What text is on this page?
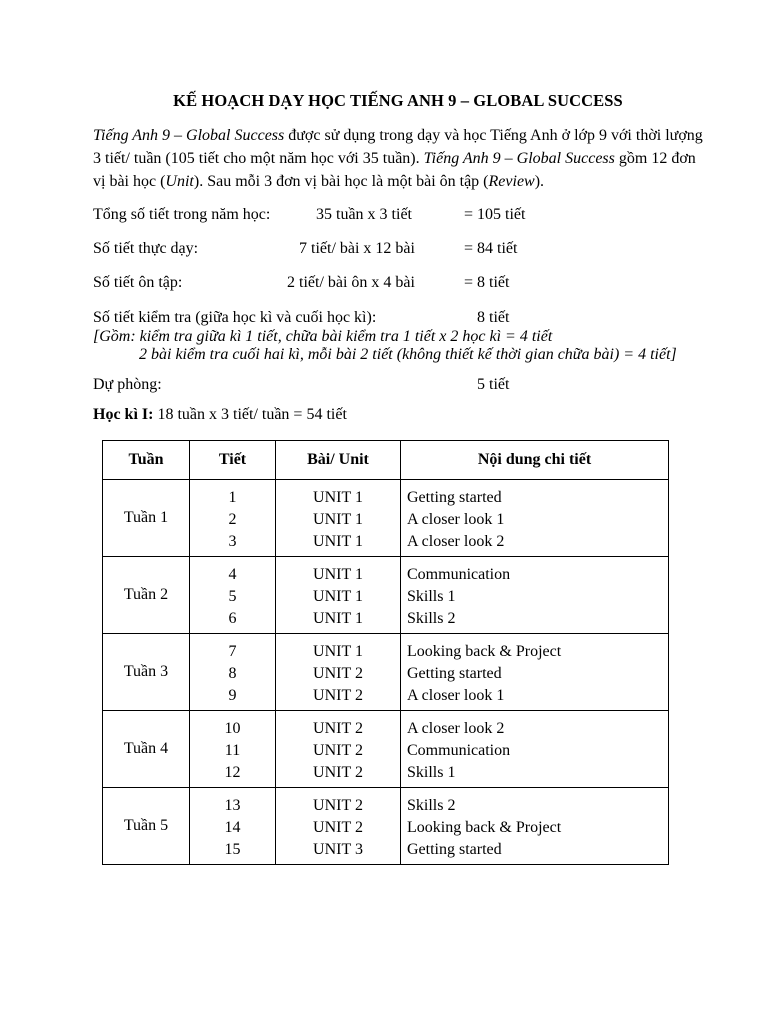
KẾ HOẠCH DẠY HỌC TIẾNG ANH 9 – GLOBAL SUCCESS
Tiếng Anh 9 – Global Success được sử dụng trong dạy và học Tiếng Anh ở lớp 9 với thời lượng 3 tiết/ tuần (105 tiết cho một năm học với 35 tuần). Tiếng Anh 9 – Global Success gồm 12 đơn vị bài học (Unit). Sau mỗi 3 đơn vị bài học là một bài ôn tập (Review).
Tổng số tiết trong năm học:	35 tuần x 3 tiết	= 105 tiết
Số tiết thực dạy:	7 tiết/ bài x 12 bài	= 84 tiết
Số tiết ôn tập:	2 tiết/ bài ôn x 4 bài	= 8 tiết
Số tiết kiểm tra (giữa học kì và cuối học kì):	8 tiết
[Gồm: kiểm tra giữa kì 1 tiết, chữa bài kiểm tra 1 tiết x 2 học kì = 4 tiết
2 bài kiểm tra cuối hai kì, mỗi bài 2 tiết (không thiết kế thời gian chữa bài) = 4 tiết]
Dự phòng:	5 tiết
Học kì I: 18 tuần x 3 tiết/ tuần = 54 tiết
Tuần	Tiết	Bài/ Unit	Nội dung chi tiết
Tuần 1	1	UNIT 1	Getting started
	2	UNIT 1	A closer look 1
	3	UNIT 1	A closer look 2
Tuần 2	4	UNIT 1	Communication
	5	UNIT 1	Skills 1
	6	UNIT 1	Skills 2
Tuần 3	7	UNIT 1	Looking back & Project
	8	UNIT 2	Getting started
	9	UNIT 2	A closer look 1
Tuần 4	10	UNIT 2	A closer look 2
	11	UNIT 2	Communication
	12	UNIT 2	Skills 1
Tuần 5	13	UNIT 2	Skills 2
	14	UNIT 2	Looking back & Project
	15	UNIT 3	Getting started
